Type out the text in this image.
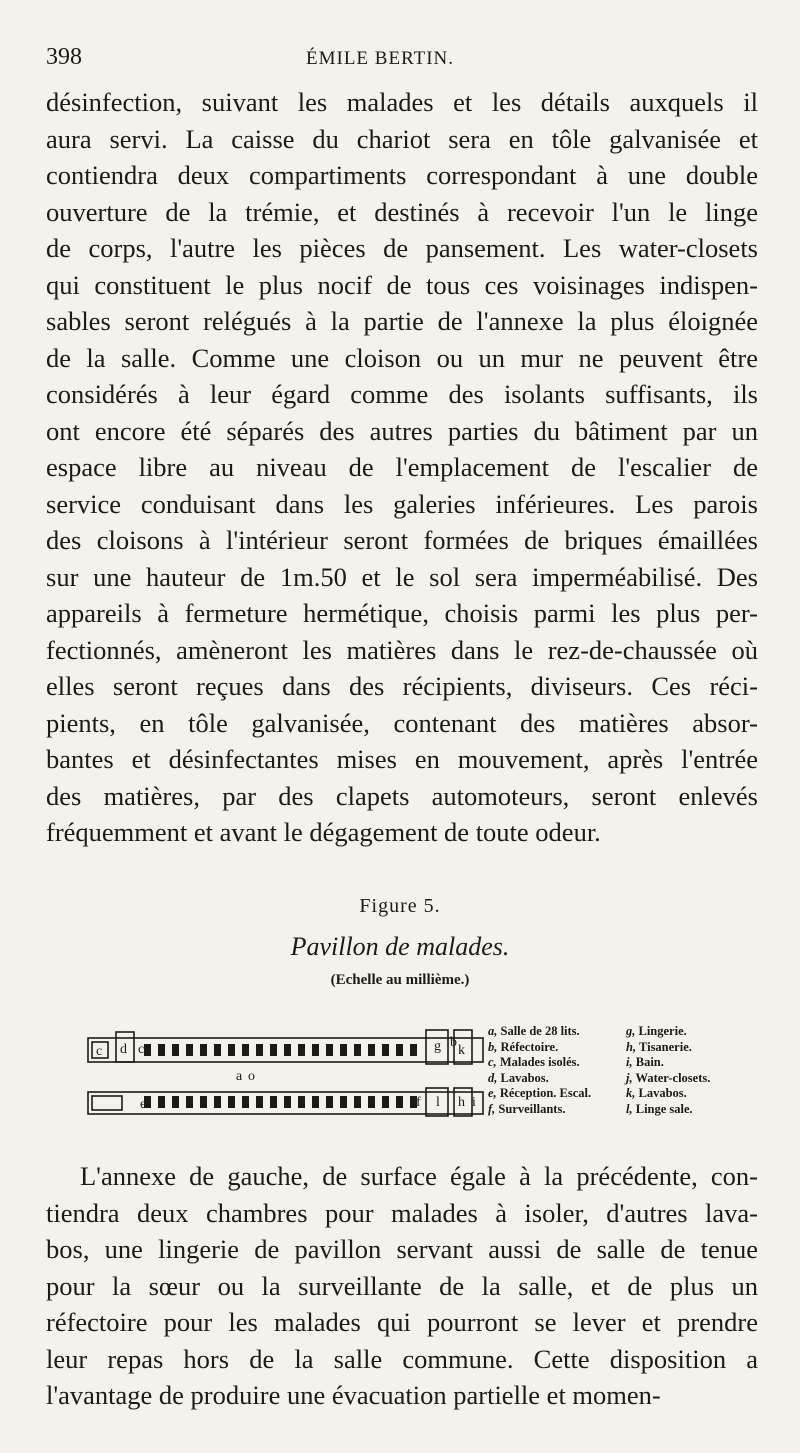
398	ÉMILE BERTIN.
désinfection, suivant les malades et les détails auxquels il
aura servi. La caisse du chariot sera en tôle galvanisée et
contiendra deux compartiments correspondant à une double
ouverture de la trémie, et destinés à recevoir l'un le linge
de corps, l'autre les pièces de pansement. Les water-closets
qui constituent le plus nocif de tous ces voisinages indispen-
sables seront relégués à la partie de l'annexe la plus éloignée
de la salle. Comme une cloison ou un mur ne peuvent être
considérés à leur égard comme des isolants suffisants, ils
ont encore été séparés des autres parties du bâtiment par un
espace libre au niveau de l'emplacement de l'escalier de
service conduisant dans les galeries inférieures. Les parois
des cloisons à l'intérieur seront formées de briques émaillées
sur une hauteur de 1m.50 et le sol sera imperméabilisé. Des
appareils à fermeture hermétique, choisis parmi les plus per-
fectionnés, amèneront les matières dans le rez-de-chaussée où
elles seront reçues dans des récipients, diviseurs. Ces réci-
pients, en tôle galvanisée, contenant des matières absor-
bantes et désinfectantes mises en mouvement, après l'entrée
des matières, par des clapets automoteurs, seront enlevés
fréquemment et avant le dégagement de toute odeur.
Figure 5.
Pavillon de malades.
(Echelle au millième.)
c d c	b
e	f
g k
l h i
a o
a, Salle de 28 lits.
b, Réfectoire.
c, Malades isolés.
d, Lavabos.
e, Réception. Escal.
f, Surveillants.
g, Lingerie.
h, Tisanerie.
i, Bain.
j, Water-closets.
k, Lavabos.
l, Linge sale.
L'annexe de gauche, de surface égale à la précédente, con-
tiendra deux chambres pour malades à isoler, d'autres lava-
bos, une lingerie de pavillon servant aussi de salle de tenue
pour la sœur ou la surveillante de la salle, et de plus un
réfectoire pour les malades qui pourront se lever et prendre
leur repas hors de la salle commune. Cette disposition a
l'avantage de produire une évacuation partielle et momen-
